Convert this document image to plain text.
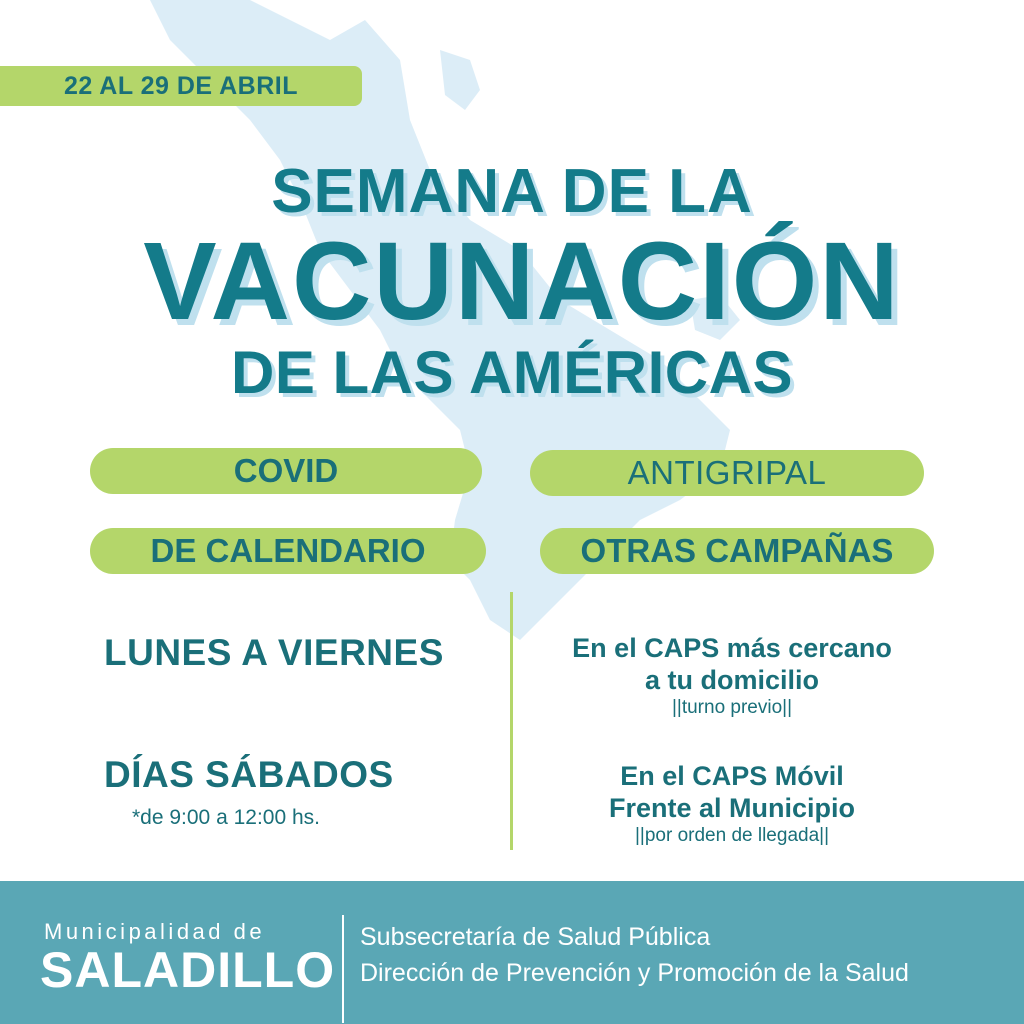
22 AL 29 DE ABRIL
SEMANA DE LA
VACUNACIÓN
DE LAS AMÉRICAS
COVID	ANTIGRIPAL
DE CALENDARIO	OTRAS CAMPAÑAS
LUNES A VIERNES
DÍAS SÁBADOS
*de 9:00 a 12:00 hs.
En el CAPS más cercano
a tu domicilio
||turno previo||
En el CAPS Móvil
Frente al Municipio
||por orden de llegada||
Municipalidad de
SALADILLO
Subsecretaría de Salud Pública
Dirección de Prevención y Promoción de la Salud
